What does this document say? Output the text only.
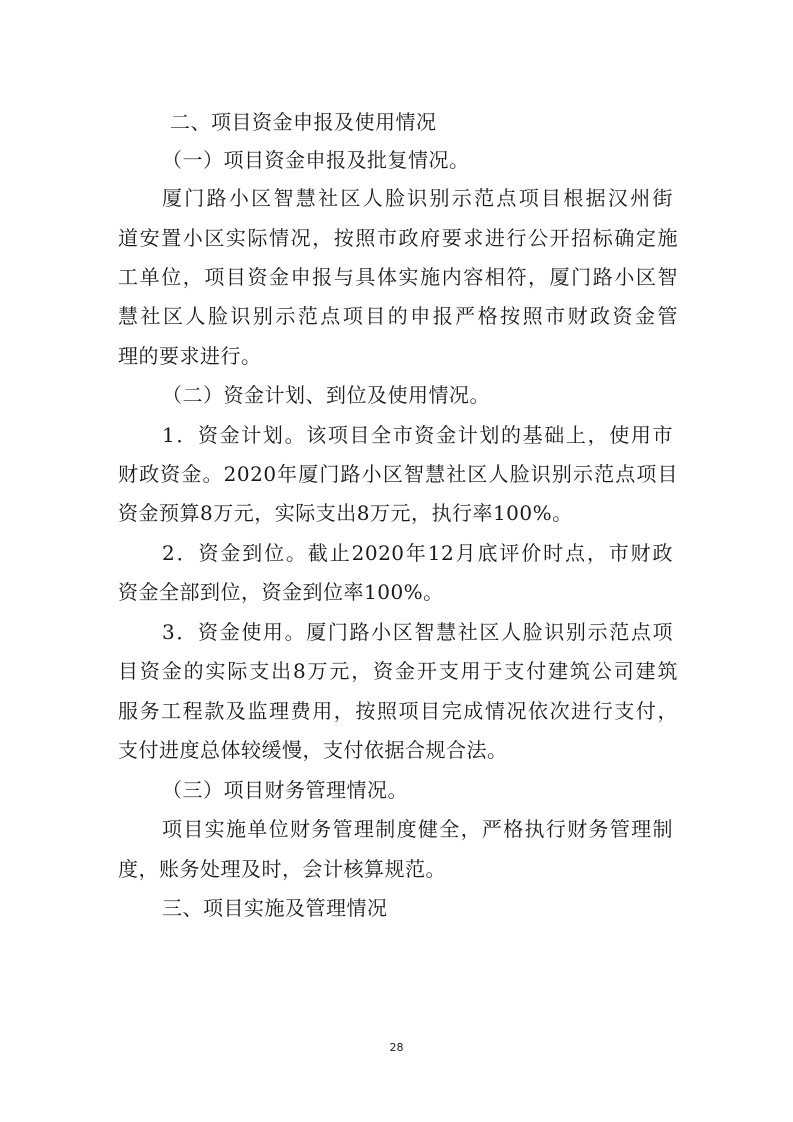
二、项目资金申报及使用情况
（一）项目资金申报及批复情况。
厦门路小区智慧社区人脸识别示范点项目根据汉州街
道安置小区实际情况，按照市政府要求进行公开招标确定施
工单位，项目资金申报与具体实施内容相符，厦门路小区智
慧社区人脸识别示范点项目的申报严格按照市财政资金管
理的要求进行。
（二）资金计划、到位及使用情况。
1．资金计划。该项目全市资金计划的基础上，使用市
财政资金。2020年厦门路小区智慧社区人脸识别示范点项目
资金预算8万元，实际支出8万元，执行率100%。
2．资金到位。截止2020年12月底评价时点，市财政
资金全部到位，资金到位率100%。
3．资金使用。厦门路小区智慧社区人脸识别示范点项
目资金的实际支出8万元，资金开支用于支付建筑公司建筑
服务工程款及监理费用，按照项目完成情况依次进行支付，
支付进度总体较缓慢，支付依据合规合法。
（三）项目财务管理情况。
项目实施单位财务管理制度健全，严格执行财务管理制
度，账务处理及时，会计核算规范。
三、项目实施及管理情况
28
